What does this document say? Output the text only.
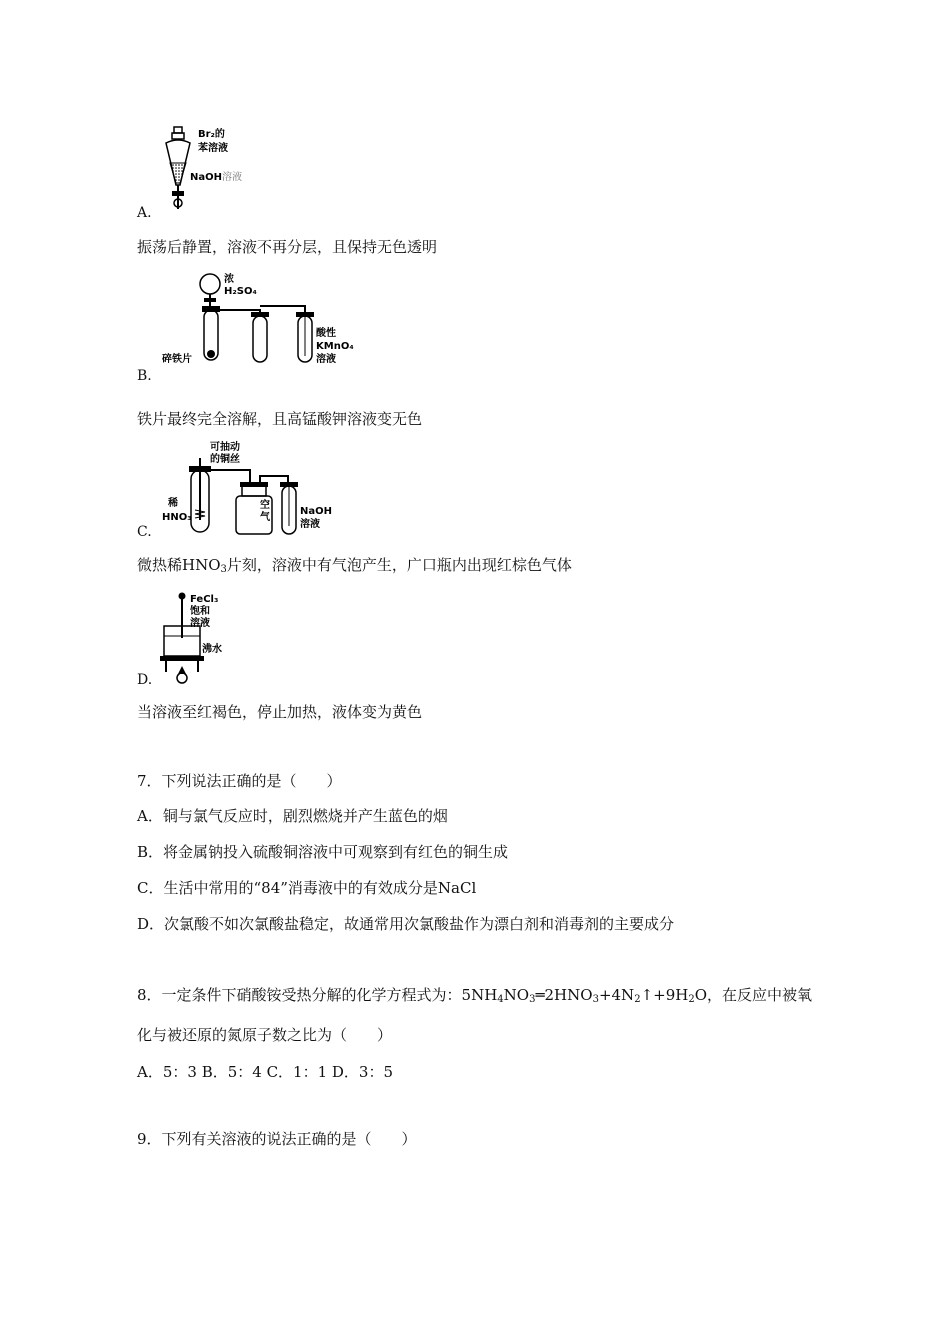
Br₂的
苯溶液
NaOH 溶液
A.
振荡后静置，溶液不再分层，且保持无色透明
浓
H₂SO₄
碎铁片
酸性
KMnO₄
溶液
B.
铁片最终完全溶解，且高锰酸钾溶液变无色
可抽动
的铜丝
稀
HNO₃
空
气
NaOH
溶液
C.
微热稀$HNO_3$片刻，溶液中有气泡产生，广口瓶内出现红棕色气体
FeCl₃
饱和
溶液
沸水
D.
当溶液至红褐色，停止加热，液体变为黄色
7．下列说法正确的是（　　）
A．铜与氯气反应时，剧烈燃烧并产生蓝色的烟
B．将金属钠投入硫酸铜溶液中可观察到有红色的铜生成
C．生活中常用的“84”消毒液中的有效成分是NaCl
D．次氯酸不如次氯酸盐稳定，故通常用次氯酸盐作为漂白剂和消毒剂的主要成分
8．一定条件下硝酸铵受热分解的化学方程式为：$5NH_4NO_3═2HNO_3+4N_2↑+9H_2O$，在反应中被氧
化与被还原的氮原子数之比为（　　）
A．5：3 B．5：4 C．1：1 D．3：5
9．下列有关溶液的说法正确的是（　　）
